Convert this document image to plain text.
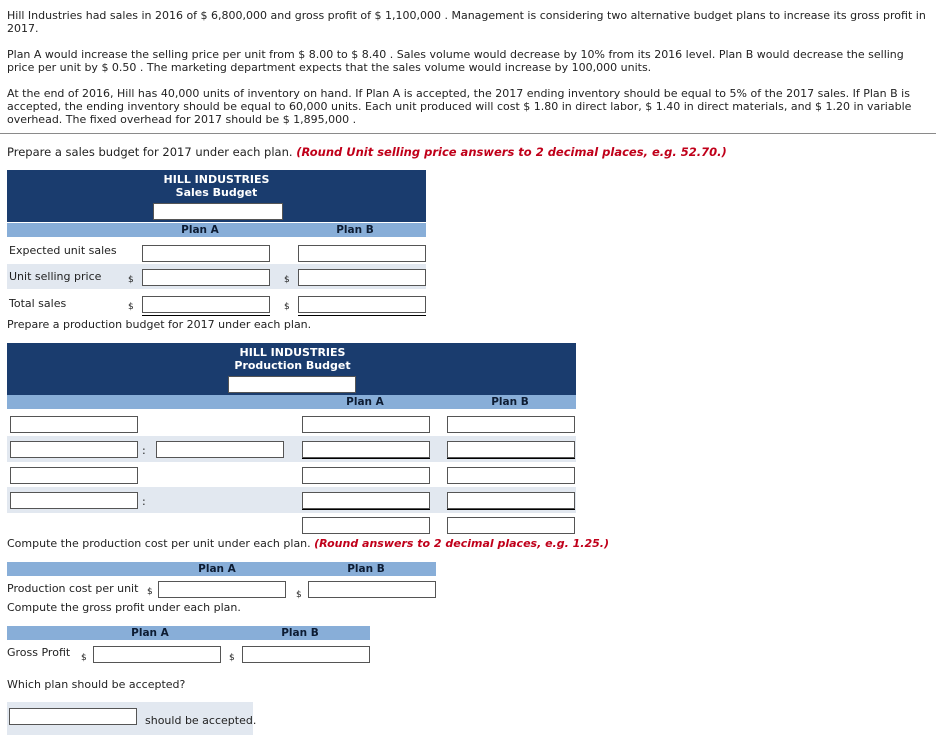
Hill Industries had sales in 2016 of $ 6,800,000 and gross profit of $ 1,100,000 . Management is considering two alternative budget plans to increase its gross profit in 2017.

Plan A would increase the selling price per unit from $ 8.00 to $ 8.40 . Sales volume would decrease by 10% from its 2016 level. Plan B would decrease the selling price per unit by $ 0.50 . The marketing department expects that the sales volume would increase by 100,000 units.

At the end of 2016, Hill has 40,000 units of inventory on hand. If Plan A is accepted, the 2017 ending inventory should be equal to 5% of the 2017 sales. If Plan B is accepted, the ending inventory should be equal to 60,000 units. Each unit produced will cost $ 1.80 in direct labor, $ 1.40 in direct materials, and $ 1.20 in variable overhead. The fixed overhead for 2017 should be $ 1,895,000 .

Prepare a sales budget for 2017 under each plan. (Round Unit selling price answers to 2 decimal places, e.g. 52.70.)
HILL INDUSTRIES
Sales Budget
Plan A	Plan B
Expected unit sales
Unit selling price	$	$
Total sales	$	$
Prepare a production budget for 2017 under each plan.
HILL INDUSTRIES
Production Budget
Plan A	Plan B
:
:
Compute the production cost per unit under each plan. (Round answers to 2 decimal places, e.g. 1.25.)
Plan A	Plan B
Production cost per unit $	$
Compute the gross profit under each plan.
Plan A	Plan B
Gross Profit $	$
Which plan should be accepted?
should be accepted.
